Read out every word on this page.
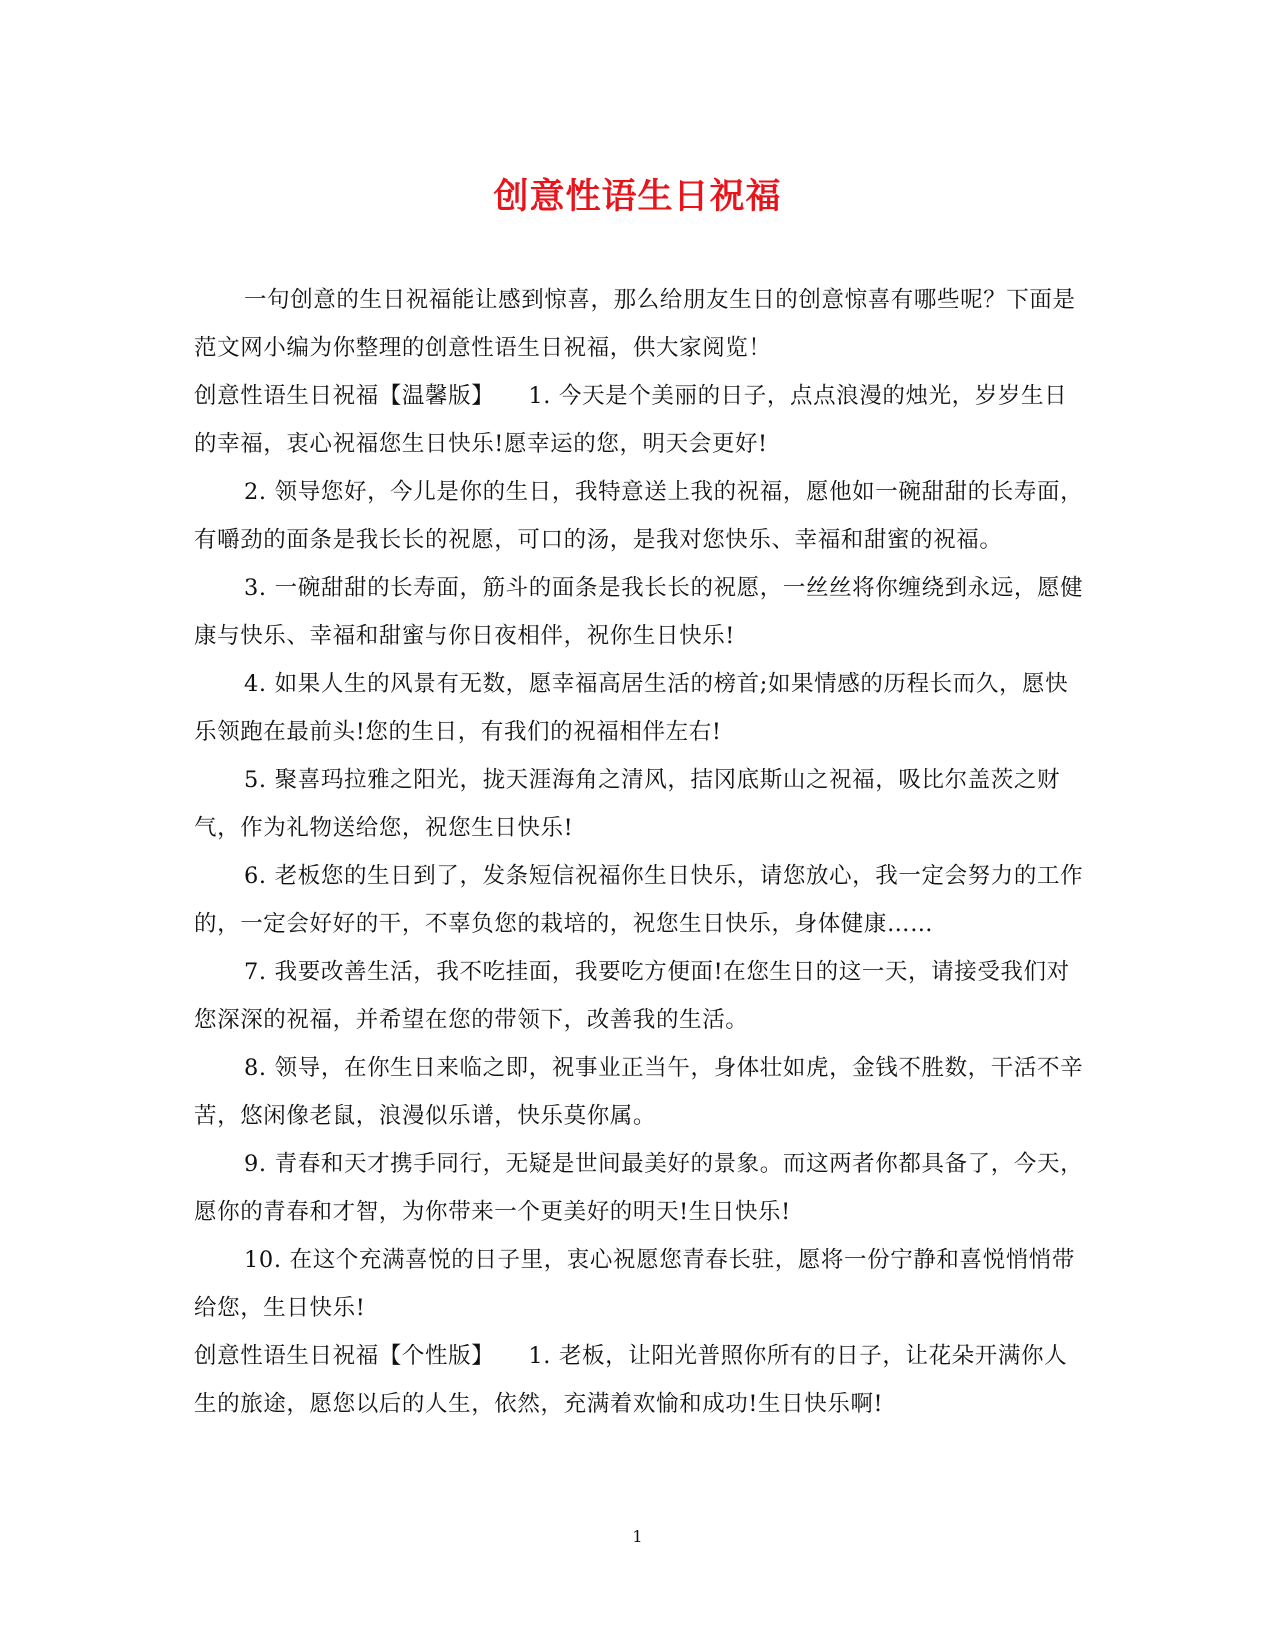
创意性语生日祝福

一句创意的生日祝福能让感到惊喜，那么给朋友生日的创意惊喜有哪些呢？下面是范文网小编为你整理的创意性语生日祝福，供大家阅览！

创意性语生日祝福【温馨版】 1. 今天是个美丽的日子，点点浪漫的烛光，岁岁生日的幸福，衷心祝福您生日快乐!愿幸运的您，明天会更好!

2. 领导您好，今儿是你的生日，我特意送上我的祝福，愿他如一碗甜甜的长寿面，有嚼劲的面条是我长长的祝愿，可口的汤，是我对您快乐、幸福和甜蜜的祝福。

3. 一碗甜甜的长寿面，筋斗的面条是我长长的祝愿，一丝丝将你缠绕到永远，愿健康与快乐、幸福和甜蜜与你日夜相伴，祝你生日快乐!

4. 如果人生的风景有无数，愿幸福高居生活的榜首;如果情感的历程长而久，愿快乐领跑在最前头!您的生日，有我们的祝福相伴左右!

5. 聚喜玛拉雅之阳光，拢天涯海角之清风，拮冈底斯山之祝福，吸比尔盖茨之财气，作为礼物送给您，祝您生日快乐!

6. 老板您的生日到了，发条短信祝福你生日快乐，请您放心，我一定会努力的工作的，一定会好好的干，不辜负您的栽培的，祝您生日快乐，身体健康……

7. 我要改善生活，我不吃挂面，我要吃方便面!在您生日的这一天，请接受我们对您深深的祝福，并希望在您的带领下，改善我的生活。

8. 领导，在你生日来临之即，祝事业正当午，身体壮如虎，金钱不胜数，干活不辛苦，悠闲像老鼠，浪漫似乐谱，快乐莫你属。

9. 青春和天才携手同行，无疑是世间最美好的景象。而这两者你都具备了，今天，愿你的青春和才智，为你带来一个更美好的明天!生日快乐!

10. 在这个充满喜悦的日子里，衷心祝愿您青春长驻，愿将一份宁静和喜悦悄悄带给您，生日快乐!

创意性语生日祝福【个性版】 1. 老板，让阳光普照你所有的日子，让花朵开满你人生的旅途，愿您以后的人生，依然，充满着欢愉和成功!生日快乐啊!

1
